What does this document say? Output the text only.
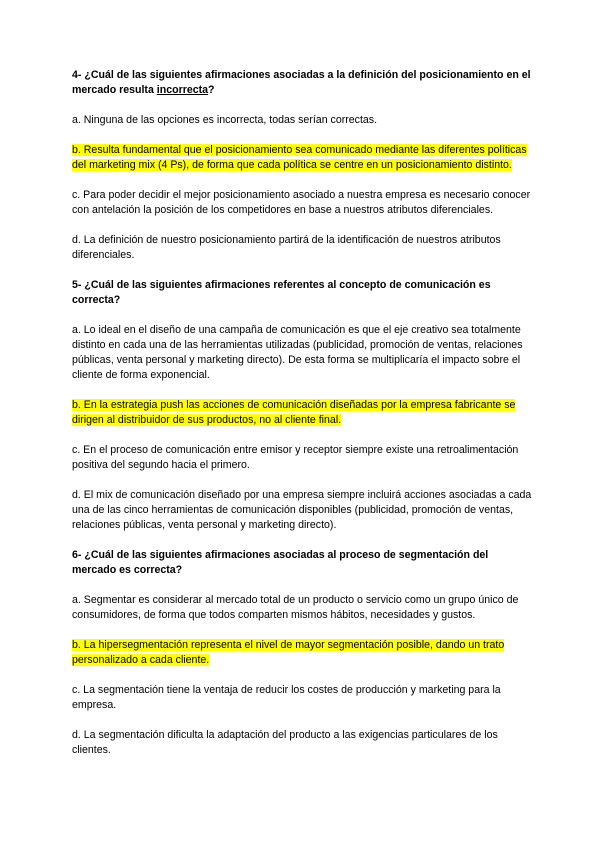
4- ¿Cuál de las siguientes afirmaciones asociadas a la definición del posicionamiento en el mercado resulta incorrecta?
a. Ninguna de las opciones es incorrecta, todas serían correctas.
b. Resulta fundamental que el posicionamiento sea comunicado mediante las diferentes políticas del marketing mix (4 Ps), de forma que cada política se centre en un posicionamiento distinto.
c. Para poder decidir el mejor posicionamiento asociado a nuestra empresa es necesario conocer con antelación la posición de los competidores en base a nuestros atributos diferenciales.
d. La definición de nuestro posicionamiento partirá de la identificación de nuestros atributos diferenciales.
5- ¿Cuál de las siguientes afirmaciones referentes al concepto de comunicación es correcta?
a. Lo ideal en el diseño de una campaña de comunicación es que el eje creativo sea totalmente distinto en cada una de las herramientas utilizadas (publicidad, promoción de ventas, relaciones públicas, venta personal y marketing directo). De esta forma se multiplicaría el impacto sobre el cliente de forma exponencial.
b. En la estrategia push las acciones de comunicación diseñadas por la empresa fabricante se dirigen al distribuidor de sus productos, no al cliente final.
c. En el proceso de comunicación entre emisor y receptor siempre existe una retroalimentación positiva del segundo hacia el primero.
d. El mix de comunicación diseñado por una empresa siempre incluirá acciones asociadas a cada una de las cinco herramientas de comunicación disponibles (publicidad, promoción de ventas, relaciones públicas, venta personal y marketing directo).
6- ¿Cuál de las siguientes afirmaciones asociadas al proceso de segmentación del mercado es correcta?
a. Segmentar es considerar al mercado total de un producto o servicio como un grupo único de consumidores, de forma que todos comparten mismos hábitos, necesidades y gustos.
b. La hipersegmentación representa el nivel de mayor segmentación posible, dando un trato personalizado a cada cliente.
c. La segmentación tiene la ventaja de reducir los costes de producción y marketing para la empresa.
d. La segmentación dificulta la adaptación del producto a las exigencias particulares de los clientes.
